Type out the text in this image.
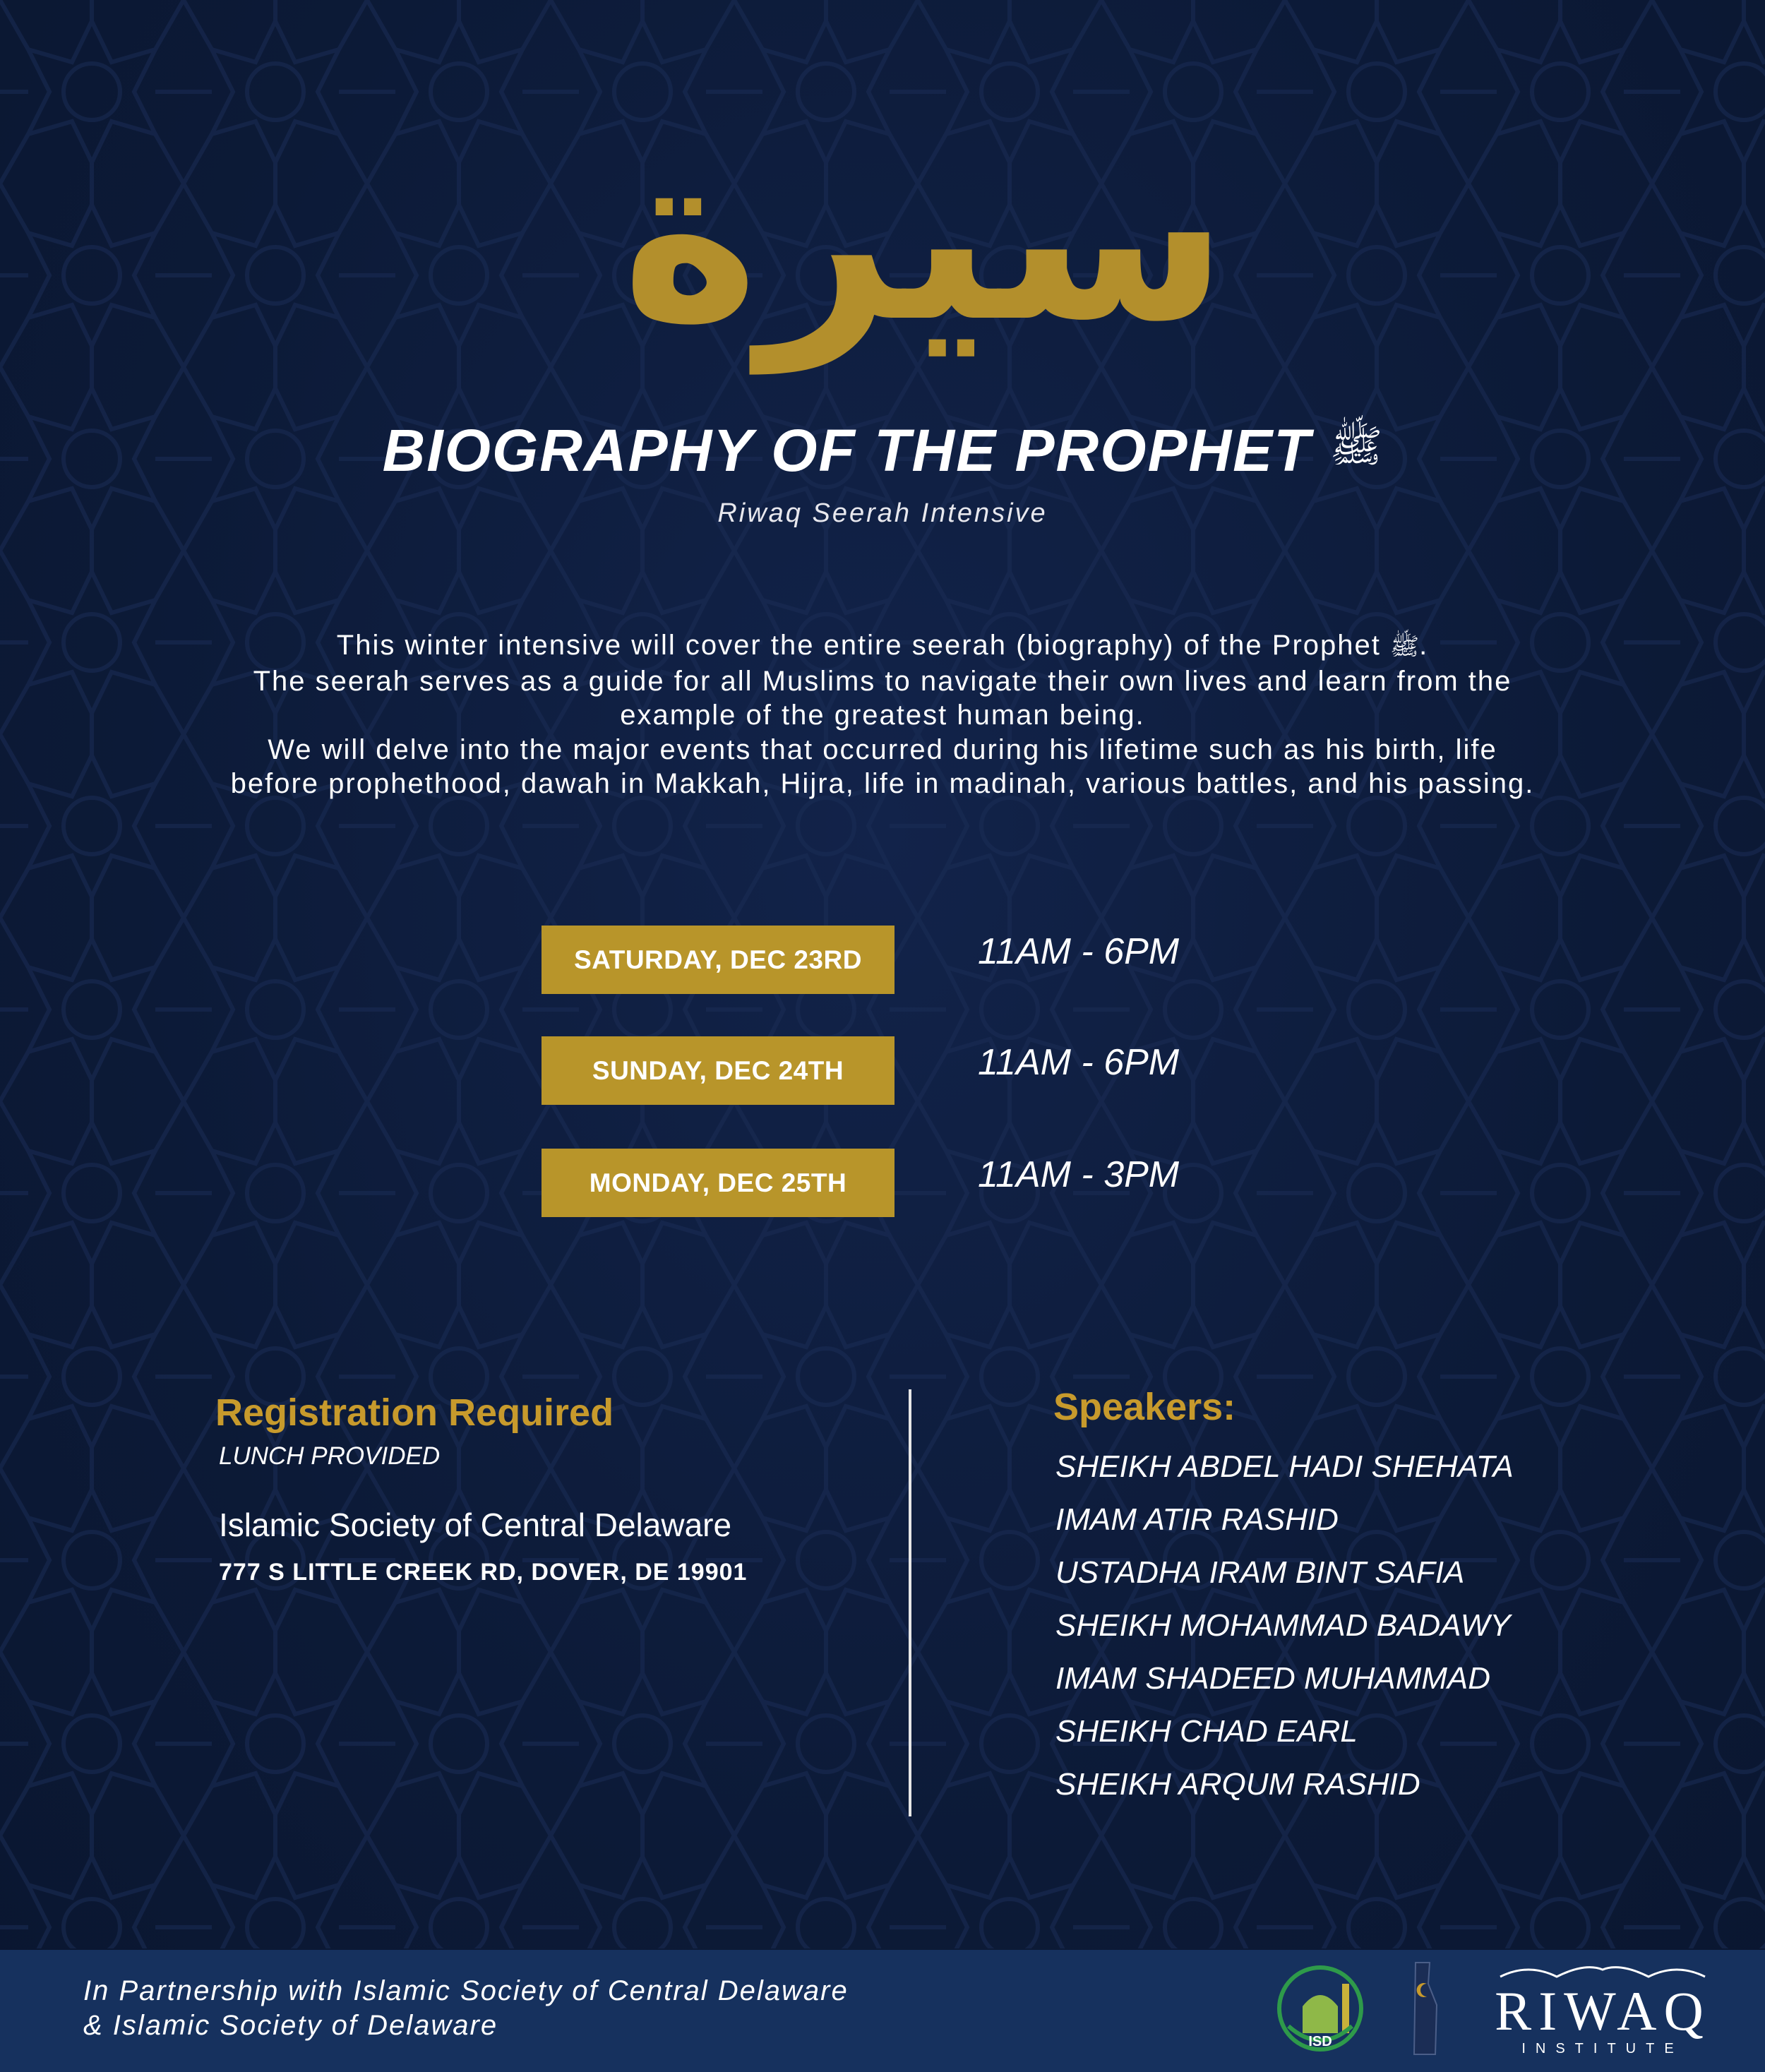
سيرة
BIOGRAPHY OF THE PROPHET ﷺ
Riwaq Seerah Intensive

This winter intensive will cover the entire seerah (biography) of the Prophet ﷺ.

The seerah serves as a guide for all Muslims to navigate their own lives and learn from the

example of the greatest human being.

We will delve into the major events that occurred during his lifetime such as his birth, life

before prophethood, dawah in Makkah, Hijra, life in madinah, various battles, and his passing.

SATURDAY, DEC 23RD	11AM - 6PM
SUNDAY, DEC 24TH	11AM - 6PM
MONDAY, DEC 25TH	11AM - 3PM
Registration Required
LUNCH PROVIDED
Islamic Society of Central Delaware
777 S LITTLE CREEK RD, DOVER, DE 19901
Speakers:
SHEIKH ABDEL HADI SHEHATA
IMAM ATIR RASHID
USTADHA IRAM BINT SAFIA
SHEIKH MOHAMMAD BADAWY
IMAM SHADEED MUHAMMAD
SHEIKH CHAD EARL
SHEIKH ARQUM RASHID
In Partnership with Islamic Society of Central Delaware
& Islamic Society of Delaware
ISD	RIWAQ
INSTITUTE
